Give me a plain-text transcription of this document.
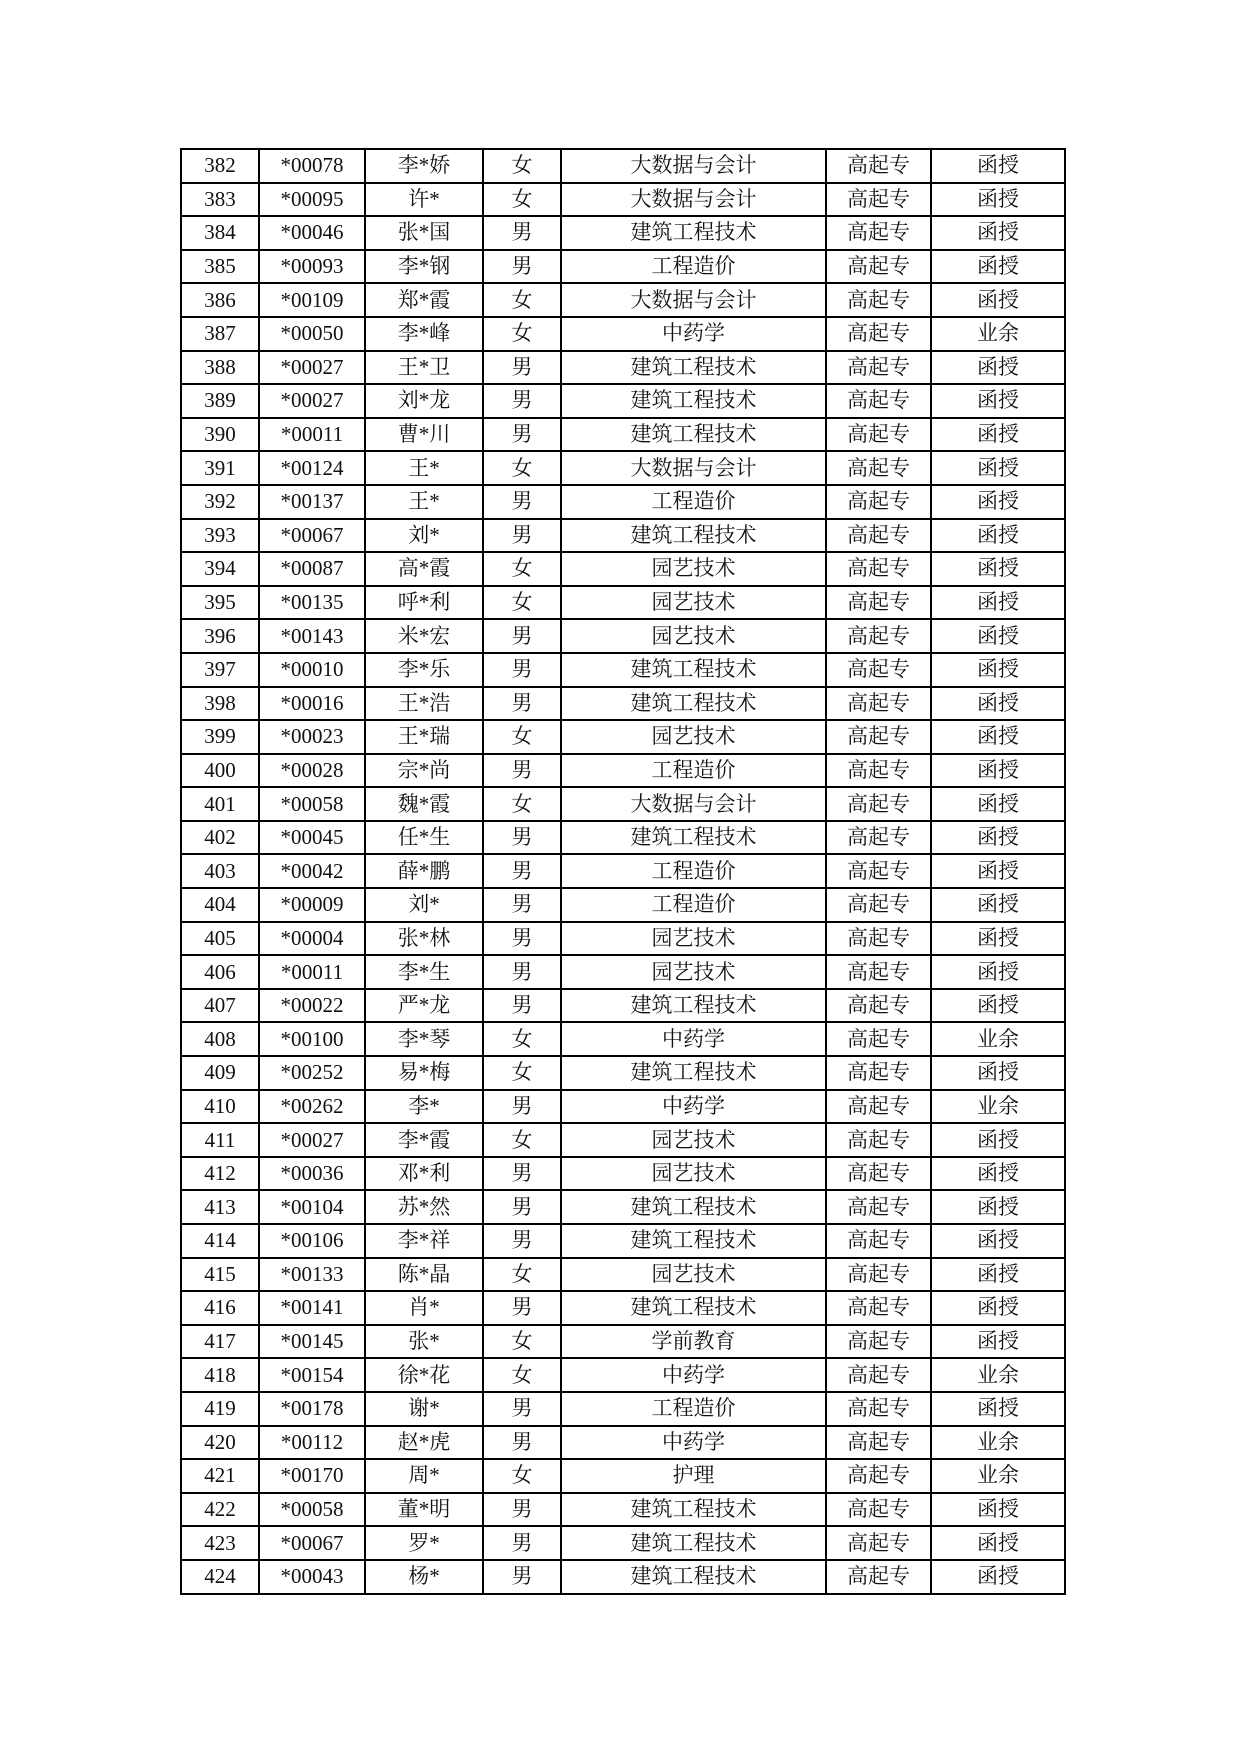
382	*00078	李*娇	女	大数据与会计	高起专	函授
383	*00095	许*	女	大数据与会计	高起专	函授
384	*00046	张*国	男	建筑工程技术	高起专	函授
385	*00093	李*钢	男	工程造价	高起专	函授
386	*00109	郑*霞	女	大数据与会计	高起专	函授
387	*00050	李*峰	女	中药学	高起专	业余
388	*00027	王*卫	男	建筑工程技术	高起专	函授
389	*00027	刘*龙	男	建筑工程技术	高起专	函授
390	*00011	曹*川	男	建筑工程技术	高起专	函授
391	*00124	王*	女	大数据与会计	高起专	函授
392	*00137	王*	男	工程造价	高起专	函授
393	*00067	刘*	男	建筑工程技术	高起专	函授
394	*00087	高*霞	女	园艺技术	高起专	函授
395	*00135	呼*利	女	园艺技术	高起专	函授
396	*00143	米*宏	男	园艺技术	高起专	函授
397	*00010	李*乐	男	建筑工程技术	高起专	函授
398	*00016	王*浩	男	建筑工程技术	高起专	函授
399	*00023	王*瑞	女	园艺技术	高起专	函授
400	*00028	宗*尚	男	工程造价	高起专	函授
401	*00058	魏*霞	女	大数据与会计	高起专	函授
402	*00045	任*生	男	建筑工程技术	高起专	函授
403	*00042	薛*鹏	男	工程造价	高起专	函授
404	*00009	刘*	男	工程造价	高起专	函授
405	*00004	张*林	男	园艺技术	高起专	函授
406	*00011	李*生	男	园艺技术	高起专	函授
407	*00022	严*龙	男	建筑工程技术	高起专	函授
408	*00100	李*琴	女	中药学	高起专	业余
409	*00252	易*梅	女	建筑工程技术	高起专	函授
410	*00262	李*	男	中药学	高起专	业余
411	*00027	李*霞	女	园艺技术	高起专	函授
412	*00036	邓*利	男	园艺技术	高起专	函授
413	*00104	苏*然	男	建筑工程技术	高起专	函授
414	*00106	李*祥	男	建筑工程技术	高起专	函授
415	*00133	陈*晶	女	园艺技术	高起专	函授
416	*00141	肖*	男	建筑工程技术	高起专	函授
417	*00145	张*	女	学前教育	高起专	函授
418	*00154	徐*花	女	中药学	高起专	业余
419	*00178	谢*	男	工程造价	高起专	函授
420	*00112	赵*虎	男	中药学	高起专	业余
421	*00170	周*	女	护理	高起专	业余
422	*00058	董*明	男	建筑工程技术	高起专	函授
423	*00067	罗*	男	建筑工程技术	高起专	函授
424	*00043	杨*	男	建筑工程技术	高起专	函授
